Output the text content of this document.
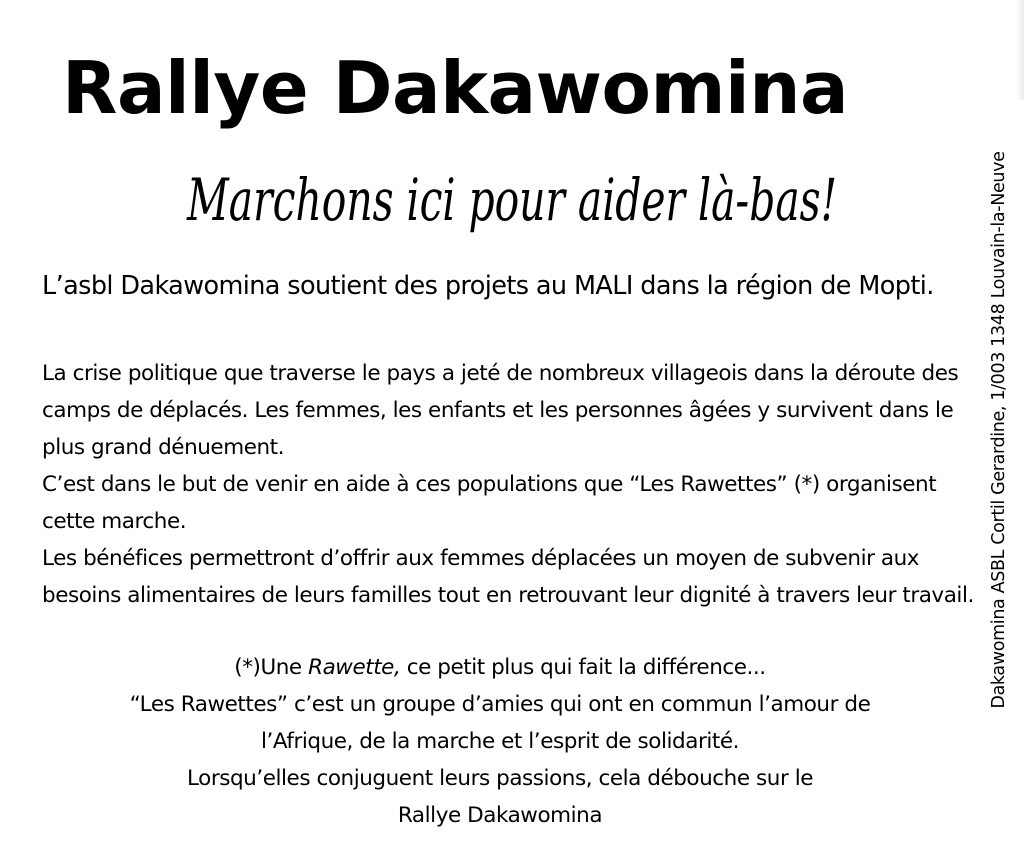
Rallye Dakawomina
Marchons ici pour aider là-bas!

L’asbl Dakawomina soutient des projets au MALI dans la région de Mopti.

La crise politique que traverse le pays a jeté de nombreux villageois dans la déroute des camps de déplacés. Les femmes, les enfants et les personnes âgées y survivent dans le plus grand dénuement.

C’est dans le but de venir en aide à ces populations que “Les Rawettes” (*) organisent cette marche.

Les bénéfices permettront d’offrir aux femmes déplacées un moyen de subvenir aux besoins alimentaires de leurs familles tout en retrouvant leur dignité à travers leur travail.

(*)Une Rawette, ce petit plus qui fait la différence...
“Les Rawettes” c’est un groupe d’amies qui ont en commun l’amour de
l’Afrique, de la marche et l’esprit de solidarité.
Lorsqu’elles conjuguent leurs passions, cela débouche sur le
Rallye Dakawomina
Dakawomina ASBL Cortil Gerardine, 1/003 1348 Louvain-la-Neuve
